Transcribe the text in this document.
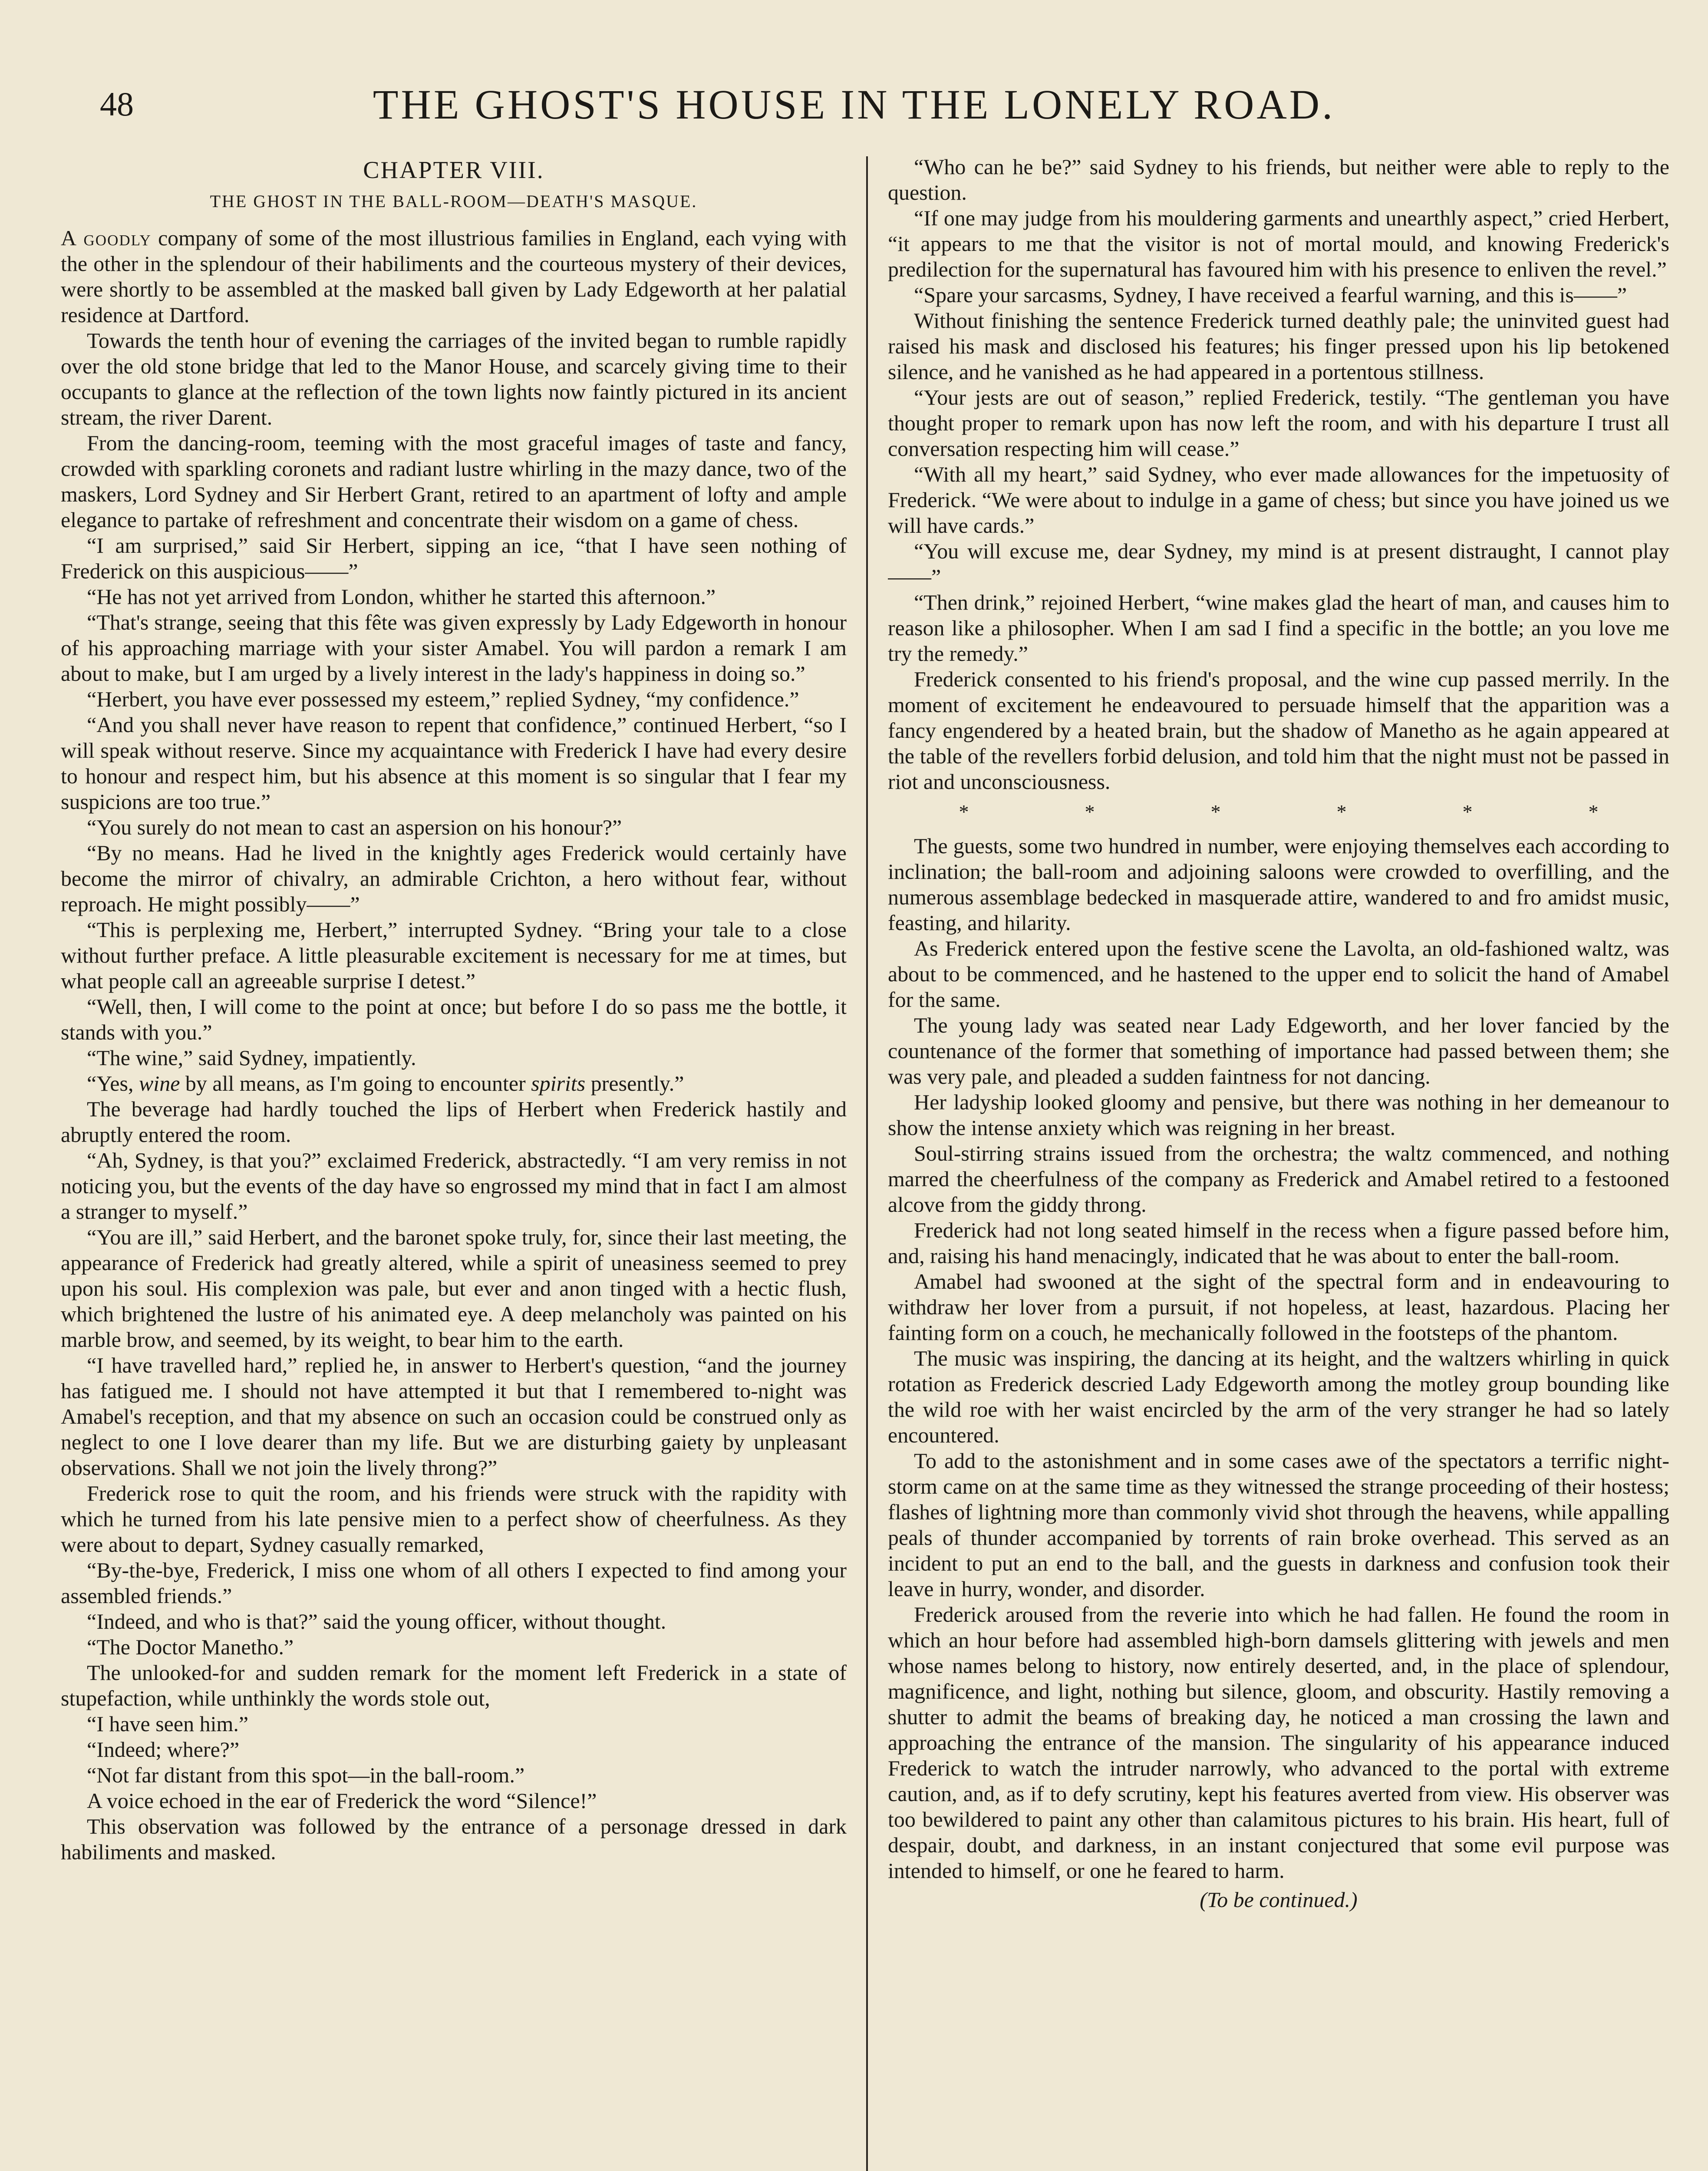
48	THE GHOST'S HOUSE IN THE LONELY ROAD.
CHAPTER VIII.
THE GHOST IN THE BALL-ROOM—DEATH'S MASQUE.

A goodly company of some of the most illustrious families in England, each vying with the other in the splendour of their habiliments and the courteous mystery of their devices, were shortly to be assembled at the masked ball given by Lady Edgeworth at her palatial residence at Dartford.

Towards the tenth hour of evening the carriages of the invited began to rumble rapidly over the old stone bridge that led to the Manor House, and scarcely giving time to their occupants to glance at the reflection of the town lights now faintly pictured in its ancient stream, the river Darent.

From the dancing-room, teeming with the most graceful images of taste and fancy, crowded with sparkling coronets and radiant lustre whirling in the mazy dance, two of the maskers, Lord Sydney and Sir Herbert Grant, retired to an apartment of lofty and ample elegance to partake of refreshment and concentrate their wisdom on a game of chess.

“I am surprised,” said Sir Herbert, sipping an ice, “that I have seen nothing of Frederick on this auspicious——”

“He has not yet arrived from London, whither he started this afternoon.”

“That's strange, seeing that this fête was given expressly by Lady Edgeworth in honour of his approaching marriage with your sister Amabel. You will pardon a remark I am about to make, but I am urged by a lively interest in the lady's happiness in doing so.”

“Herbert, you have ever possessed my esteem,” replied Sydney, “my confidence.”

“And you shall never have reason to repent that confidence,” continued Herbert, “so I will speak without reserve. Since my acquaintance with Frederick I have had every desire to honour and respect him, but his absence at this moment is so singular that I fear my suspicions are too true.”

“You surely do not mean to cast an aspersion on his honour?”

“By no means. Had he lived in the knightly ages Frederick would certainly have become the mirror of chivalry, an admirable Crichton, a hero without fear, without reproach. He might possibly——”

“This is perplexing me, Herbert,” interrupted Sydney. “Bring your tale to a close without further preface. A little pleasurable excitement is necessary for me at times, but what people call an agreeable surprise I detest.”

“Well, then, I will come to the point at once; but before I do so pass me the bottle, it stands with you.”

“The wine,” said Sydney, impatiently.

“Yes, wine by all means, as I'm going to encounter spirits presently.”

The beverage had hardly touched the lips of Herbert when Frederick hastily and abruptly entered the room.

“Ah, Sydney, is that you?” exclaimed Frederick, abstractedly. “I am very remiss in not noticing you, but the events of the day have so engrossed my mind that in fact I am almost a stranger to myself.”

“You are ill,” said Herbert, and the baronet spoke truly, for, since their last meeting, the appearance of Frederick had greatly altered, while a spirit of uneasiness seemed to prey upon his soul. His complexion was pale, but ever and anon tinged with a hectic flush, which brightened the lustre of his animated eye. A deep melancholy was painted on his marble brow, and seemed, by its weight, to bear him to the earth.

“I have travelled hard,” replied he, in answer to Herbert's question, “and the journey has fatigued me. I should not have attempted it but that I remembered to-night was Amabel's reception, and that my absence on such an occasion could be construed only as neglect to one I love dearer than my life. But we are disturbing gaiety by unpleasant observations. Shall we not join the lively throng?”

Frederick rose to quit the room, and his friends were struck with the rapidity with which he turned from his late pensive mien to a perfect show of cheerfulness. As they were about to depart, Sydney casually remarked,

“By-the-bye, Frederick, I miss one whom of all others I expected to find among your assembled friends.”

“Indeed, and who is that?” said the young officer, without thought.

“The Doctor Manetho.”

The unlooked-for and sudden remark for the moment left Frederick in a state of stupefaction, while unthinkly the words stole out,

“I have seen him.”

“Indeed; where?”

“Not far distant from this spot—in the ball-room.”

A voice echoed in the ear of Frederick the word “Silence!”

This observation was followed by the entrance of a personage dressed in dark habiliments and masked.

“Who can he be?” said Sydney to his friends, but neither were able to reply to the question.

“If one may judge from his mouldering garments and unearthly aspect,” cried Herbert, “it appears to me that the visitor is not of mortal mould, and knowing Frederick's predilection for the supernatural has favoured him with his presence to enliven the revel.”

“Spare your sarcasms, Sydney, I have received a fearful warning, and this is——”

Without finishing the sentence Frederick turned deathly pale; the uninvited guest had raised his mask and disclosed his features; his finger pressed upon his lip betokened silence, and he vanished as he had appeared in a portentous stillness.

“Your jests are out of season,” replied Frederick, testily. “The gentleman you have thought proper to remark upon has now left the room, and with his departure I trust all conversation respecting him will cease.”

“With all my heart,” said Sydney, who ever made allowances for the impetuosity of Frederick. “We were about to indulge in a game of chess; but since you have joined us we will have cards.”

“You will excuse me, dear Sydney, my mind is at present distraught, I cannot play——”

“Then drink,” rejoined Herbert, “wine makes glad the heart of man, and causes him to reason like a philosopher. When I am sad I find a specific in the bottle; an you love me try the remedy.”

Frederick consented to his friend's proposal, and the wine cup passed merrily. In the moment of excitement he endeavoured to persuade himself that the apparition was a fancy engendered by a heated brain, but the shadow of Manetho as he again appeared at the table of the revellers forbid delusion, and told him that the night must not be passed in riot and unconsciousness.

*	*	*	*	*	*

The guests, some two hundred in number, were enjoying themselves each according to inclination; the ball-room and adjoining saloons were crowded to overfilling, and the numerous assemblage bedecked in masquerade attire, wandered to and fro amidst music, feasting, and hilarity.

As Frederick entered upon the festive scene the Lavolta, an old-fashioned waltz, was about to be commenced, and he hastened to the upper end to solicit the hand of Amabel for the same.

The young lady was seated near Lady Edgeworth, and her lover fancied by the countenance of the former that something of importance had passed between them; she was very pale, and pleaded a sudden faintness for not dancing.

Her ladyship looked gloomy and pensive, but there was nothing in her demeanour to show the intense anxiety which was reigning in her breast.

Soul-stirring strains issued from the orchestra; the waltz commenced, and nothing marred the cheerfulness of the company as Frederick and Amabel retired to a festooned alcove from the giddy throng.

Frederick had not long seated himself in the recess when a figure passed before him, and, raising his hand menacingly, indicated that he was about to enter the ball-room.

Amabel had swooned at the sight of the spectral form and in endeavouring to withdraw her lover from a pursuit, if not hopeless, at least, hazardous. Placing her fainting form on a couch, he mechanically followed in the footsteps of the phantom.

The music was inspiring, the dancing at its height, and the waltzers whirling in quick rotation as Frederick descried Lady Edgeworth among the motley group bounding like the wild roe with her waist encircled by the arm of the very stranger he had so lately encountered.

To add to the astonishment and in some cases awe of the spectators a terrific night-storm came on at the same time as they witnessed the strange proceeding of their hostess; flashes of lightning more than commonly vivid shot through the heavens, while appalling peals of thunder accompanied by torrents of rain broke overhead. This served as an incident to put an end to the ball, and the guests in darkness and confusion took their leave in hurry, wonder, and disorder.

Frederick aroused from the reverie into which he had fallen. He found the room in which an hour before had assembled high-born damsels glittering with jewels and men whose names belong to history, now entirely deserted, and, in the place of splendour, magnificence, and light, nothing but silence, gloom, and obscurity. Hastily removing a shutter to admit the beams of breaking day, he noticed a man crossing the lawn and approaching the entrance of the mansion. The singularity of his appearance induced Frederick to watch the intruder narrowly, who advanced to the portal with extreme caution, and, as if to defy scrutiny, kept his features averted from view. His observer was too bewildered to paint any other than calamitous pictures to his brain. His heart, full of despair, doubt, and darkness, in an instant conjectured that some evil purpose was intended to himself, or one he feared to harm.

(To be continued.)
